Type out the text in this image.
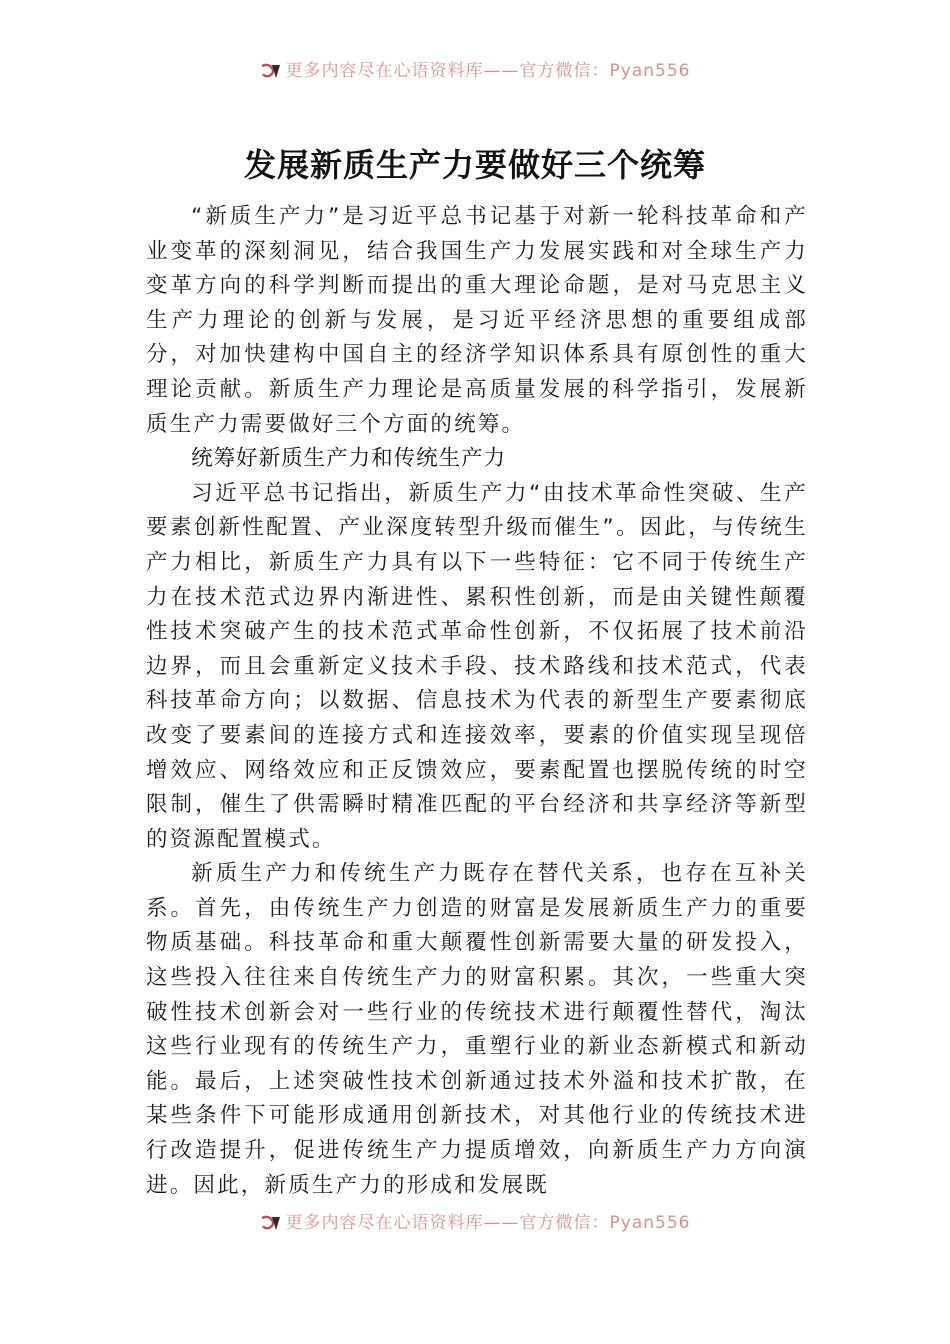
更多内容尽在心语资料库——官方微信：Pyan556
发展新质生产力要做好三个统筹

“新质生产力”是习近平总书记基于对新一轮科技革命和产业变革的深刻洞见，结合我国生产力发展实践和对全球生产力变革方向的科学判断而提出的重大理论命题，是对马克思主义生产力理论的创新与发展，是习近平经济思想的重要组成部分，对加快建构中国自主的经济学知识体系具有原创性的重大理论贡献。新质生产力理论是高质量发展的科学指引，发展新质生产力需要做好三个方面的统筹。

统筹好新质生产力和传统生产力

习近平总书记指出，新质生产力“由技术革命性突破、生产要素创新性配置、产业深度转型升级而催生”。因此，与传统生产力相比，新质生产力具有以下一些特征：它不同于传统生产力在技术范式边界内渐进性、累积性创新，而是由关键性颠覆性技术突破产生的技术范式革命性创新，不仅拓展了技术前沿边界，而且会重新定义技术手段、技术路线和技术范式，代表科技革命方向；以数据、信息技术为代表的新型生产要素彻底改变了要素间的连接方式和连接效率，要素的价值实现呈现倍增效应、网络效应和正反馈效应，要素配置也摆脱传统的时空限制，催生了供需瞬时精准匹配的平台经济和共享经济等新型的资源配置模式。

新质生产力和传统生产力既存在替代关系，也存在互补关系。首先，由传统生产力创造的财富是发展新质生产力的重要物质基础。科技革命和重大颠覆性创新需要大量的研发投入，这些投入往往来自传统生产力的财富积累。其次，一些重大突破性技术创新会对一些行业的传统技术进行颠覆性替代，淘汰这些行业现有的传统生产力，重塑行业的新业态新模式和新动能。最后，上述突破性技术创新通过技术外溢和技术扩散，在某些条件下可能形成通用创新技术，对其他行业的传统技术进行改造提升，促进传统生产力提质增效，向新质生产力方向演进。因此，新质生产力的形成和发展既

更多内容尽在心语资料库——官方微信：Pyan556
